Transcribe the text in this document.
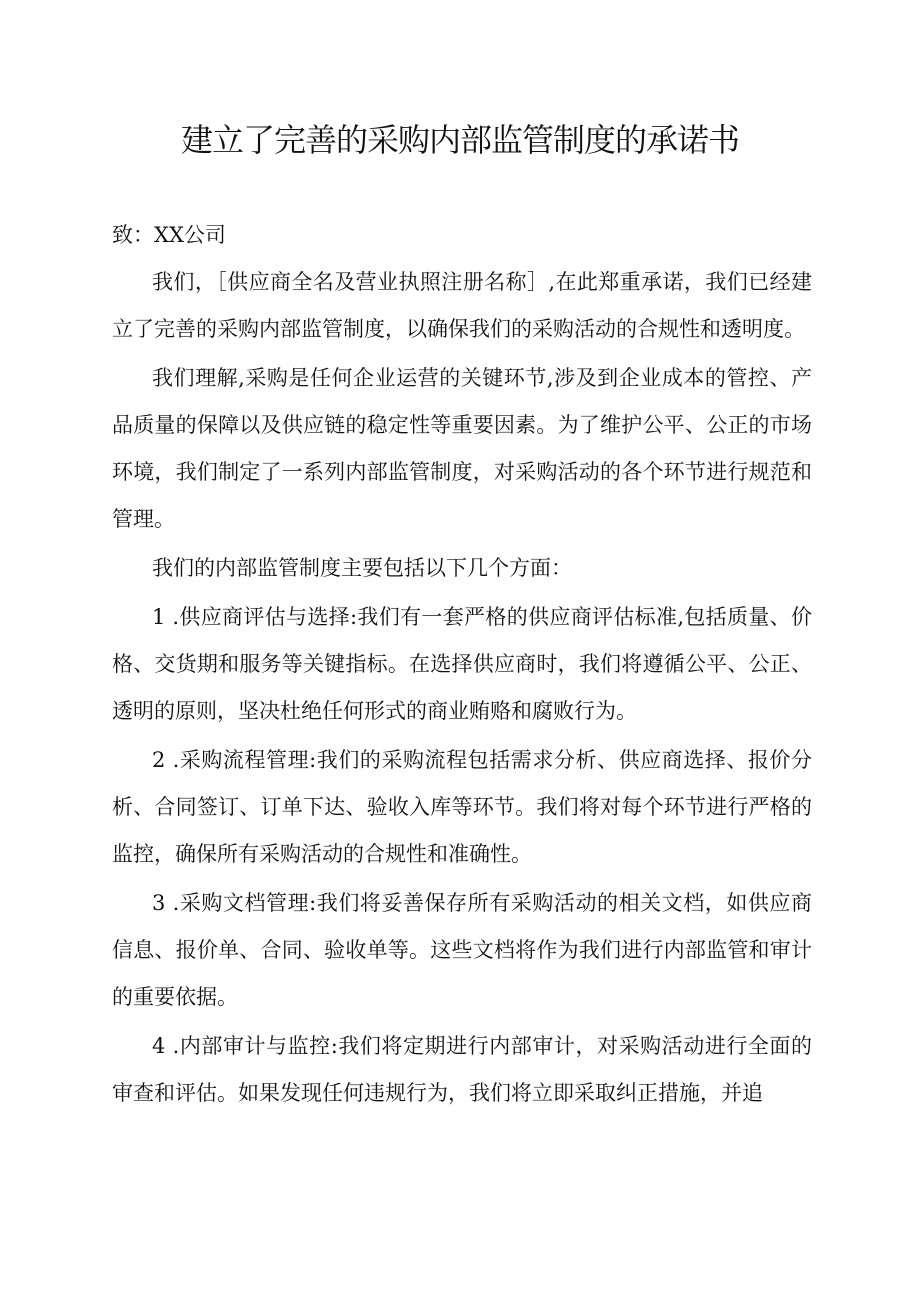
建立了完善的采购内部监管制度的承诺书

致：XX公司

我们，［供应商全名及营业执照注册名称］,在此郑重承诺，我们已经建立了完善的采购内部监管制度，以确保我们的采购活动的合规性和透明度。

我们理解,采购是任何企业运营的关键环节,涉及到企业成本的管控、产品质量的保障以及供应链的稳定性等重要因素。为了维护公平、公正的市场环境，我们制定了一系列内部监管制度，对采购活动的各个环节进行规范和管理。

我们的内部监管制度主要包括以下几个方面：

1 .供应商评估与选择:我们有一套严格的供应商评估标准,包括质量、价格、交货期和服务等关键指标。在选择供应商时，我们将遵循公平、公正、透明的原则，坚决杜绝任何形式的商业贿赂和腐败行为。

2 .采购流程管理:我们的采购流程包括需求分析、供应商选择、报价分析、合同签订、订单下达、验收入库等环节。我们将对每个环节进行严格的监控，确保所有采购活动的合规性和准确性。

3 .采购文档管理:我们将妥善保存所有采购活动的相关文档，如供应商信息、报价单、合同、验收单等。这些文档将作为我们进行内部监管和审计的重要依据。

4 .内部审计与监控:我们将定期进行内部审计，对采购活动进行全面的审查和评估。如果发现任何违规行为，我们将立即采取纠正措施，并追
